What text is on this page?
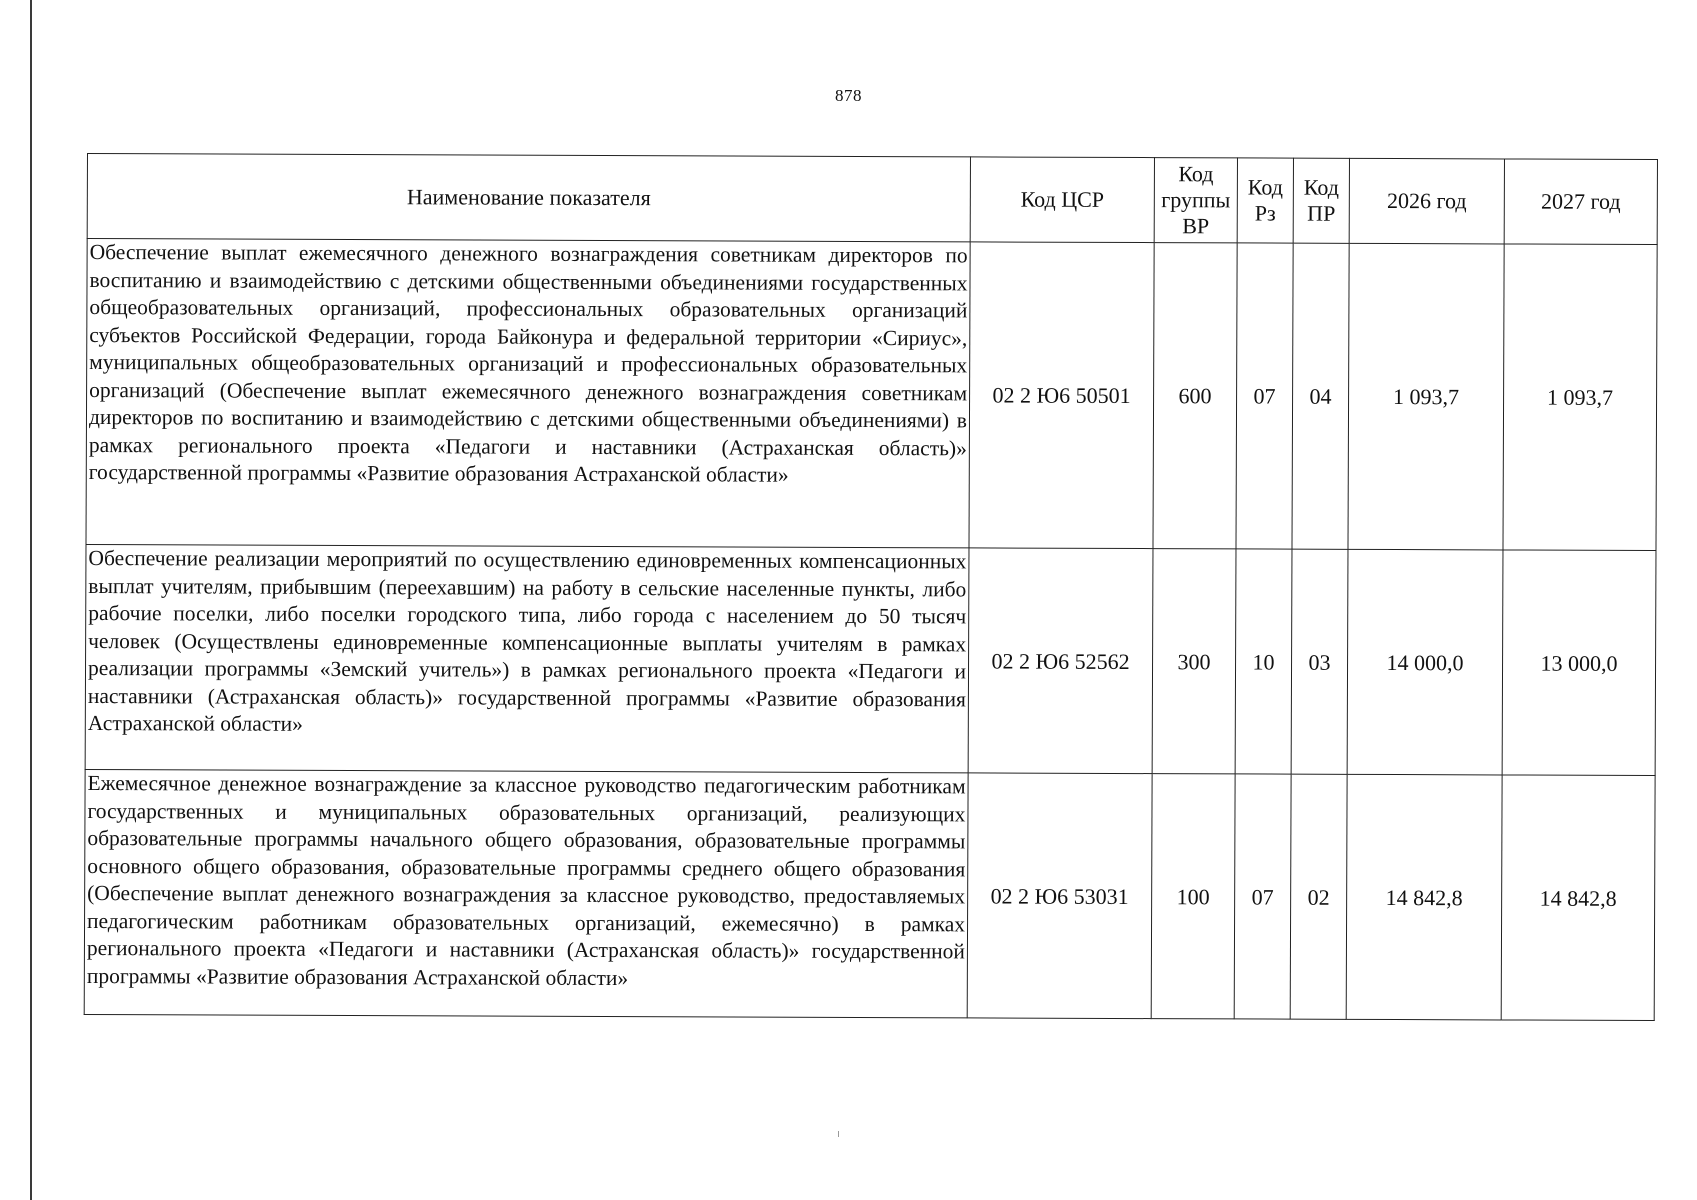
878
Наименование показателя	Код ЦСР	Код группы ВР	Код Рз	Код ПР	2026 год	2027 год
Обеспечение выплат ежемесячного денежного вознаграждения советникам директоров по воспитанию и взаимодействию с детскими общественными объединениями государственных общеобразовательных организаций, профессиональных образовательных организаций субъектов Российской Федерации, города Байконура и федеральной территории «Сириус», муниципальных общеобразовательных организаций и профессиональных образовательных организаций (Обеспечение выплат ежемесячного денежного вознаграждения советникам директоров по воспитанию и взаимодействию с детскими общественными объединениями) в рамках регионального проекта «Педагоги и наставники (Астраханская область)» государственной программы «Развитие образования Астраханской области»	02 2 Ю6 50501	600	07	04	1 093,7	1 093,7
Обеспечение реализации мероприятий по осуществлению единовременных компенсационных выплат учителям, прибывшим (переехавшим) на работу в сельские населенные пункты, либо рабочие поселки, либо поселки городского типа, либо города с населением до 50 тысяч человек (Осуществлены единовременные компенсационные выплаты учителям в рамках реализации программы «Земский учитель») в рамках регионального проекта «Педагоги и наставники (Астраханская область)» государственной программы «Развитие образования Астраханской области»	02 2 Ю6 52562	300	10	03	14 000,0	13 000,0
Ежемесячное денежное вознаграждение за классное руководство педагогическим работникам государственных и муниципальных образовательных организаций, реализующих образовательные программы начального общего образования, образовательные программы основного общего образования, образовательные программы среднего общего образования (Обеспечение выплат денежного вознаграждения за классное руководство, предоставляемых педагогическим работникам образовательных организаций, ежемесячно) в рамках регионального проекта «Педагоги и наставники (Астраханская область)» государственной программы «Развитие образования Астраханской области»	02 2 Ю6 53031	100	07	02	14 842,8	14 842,8
